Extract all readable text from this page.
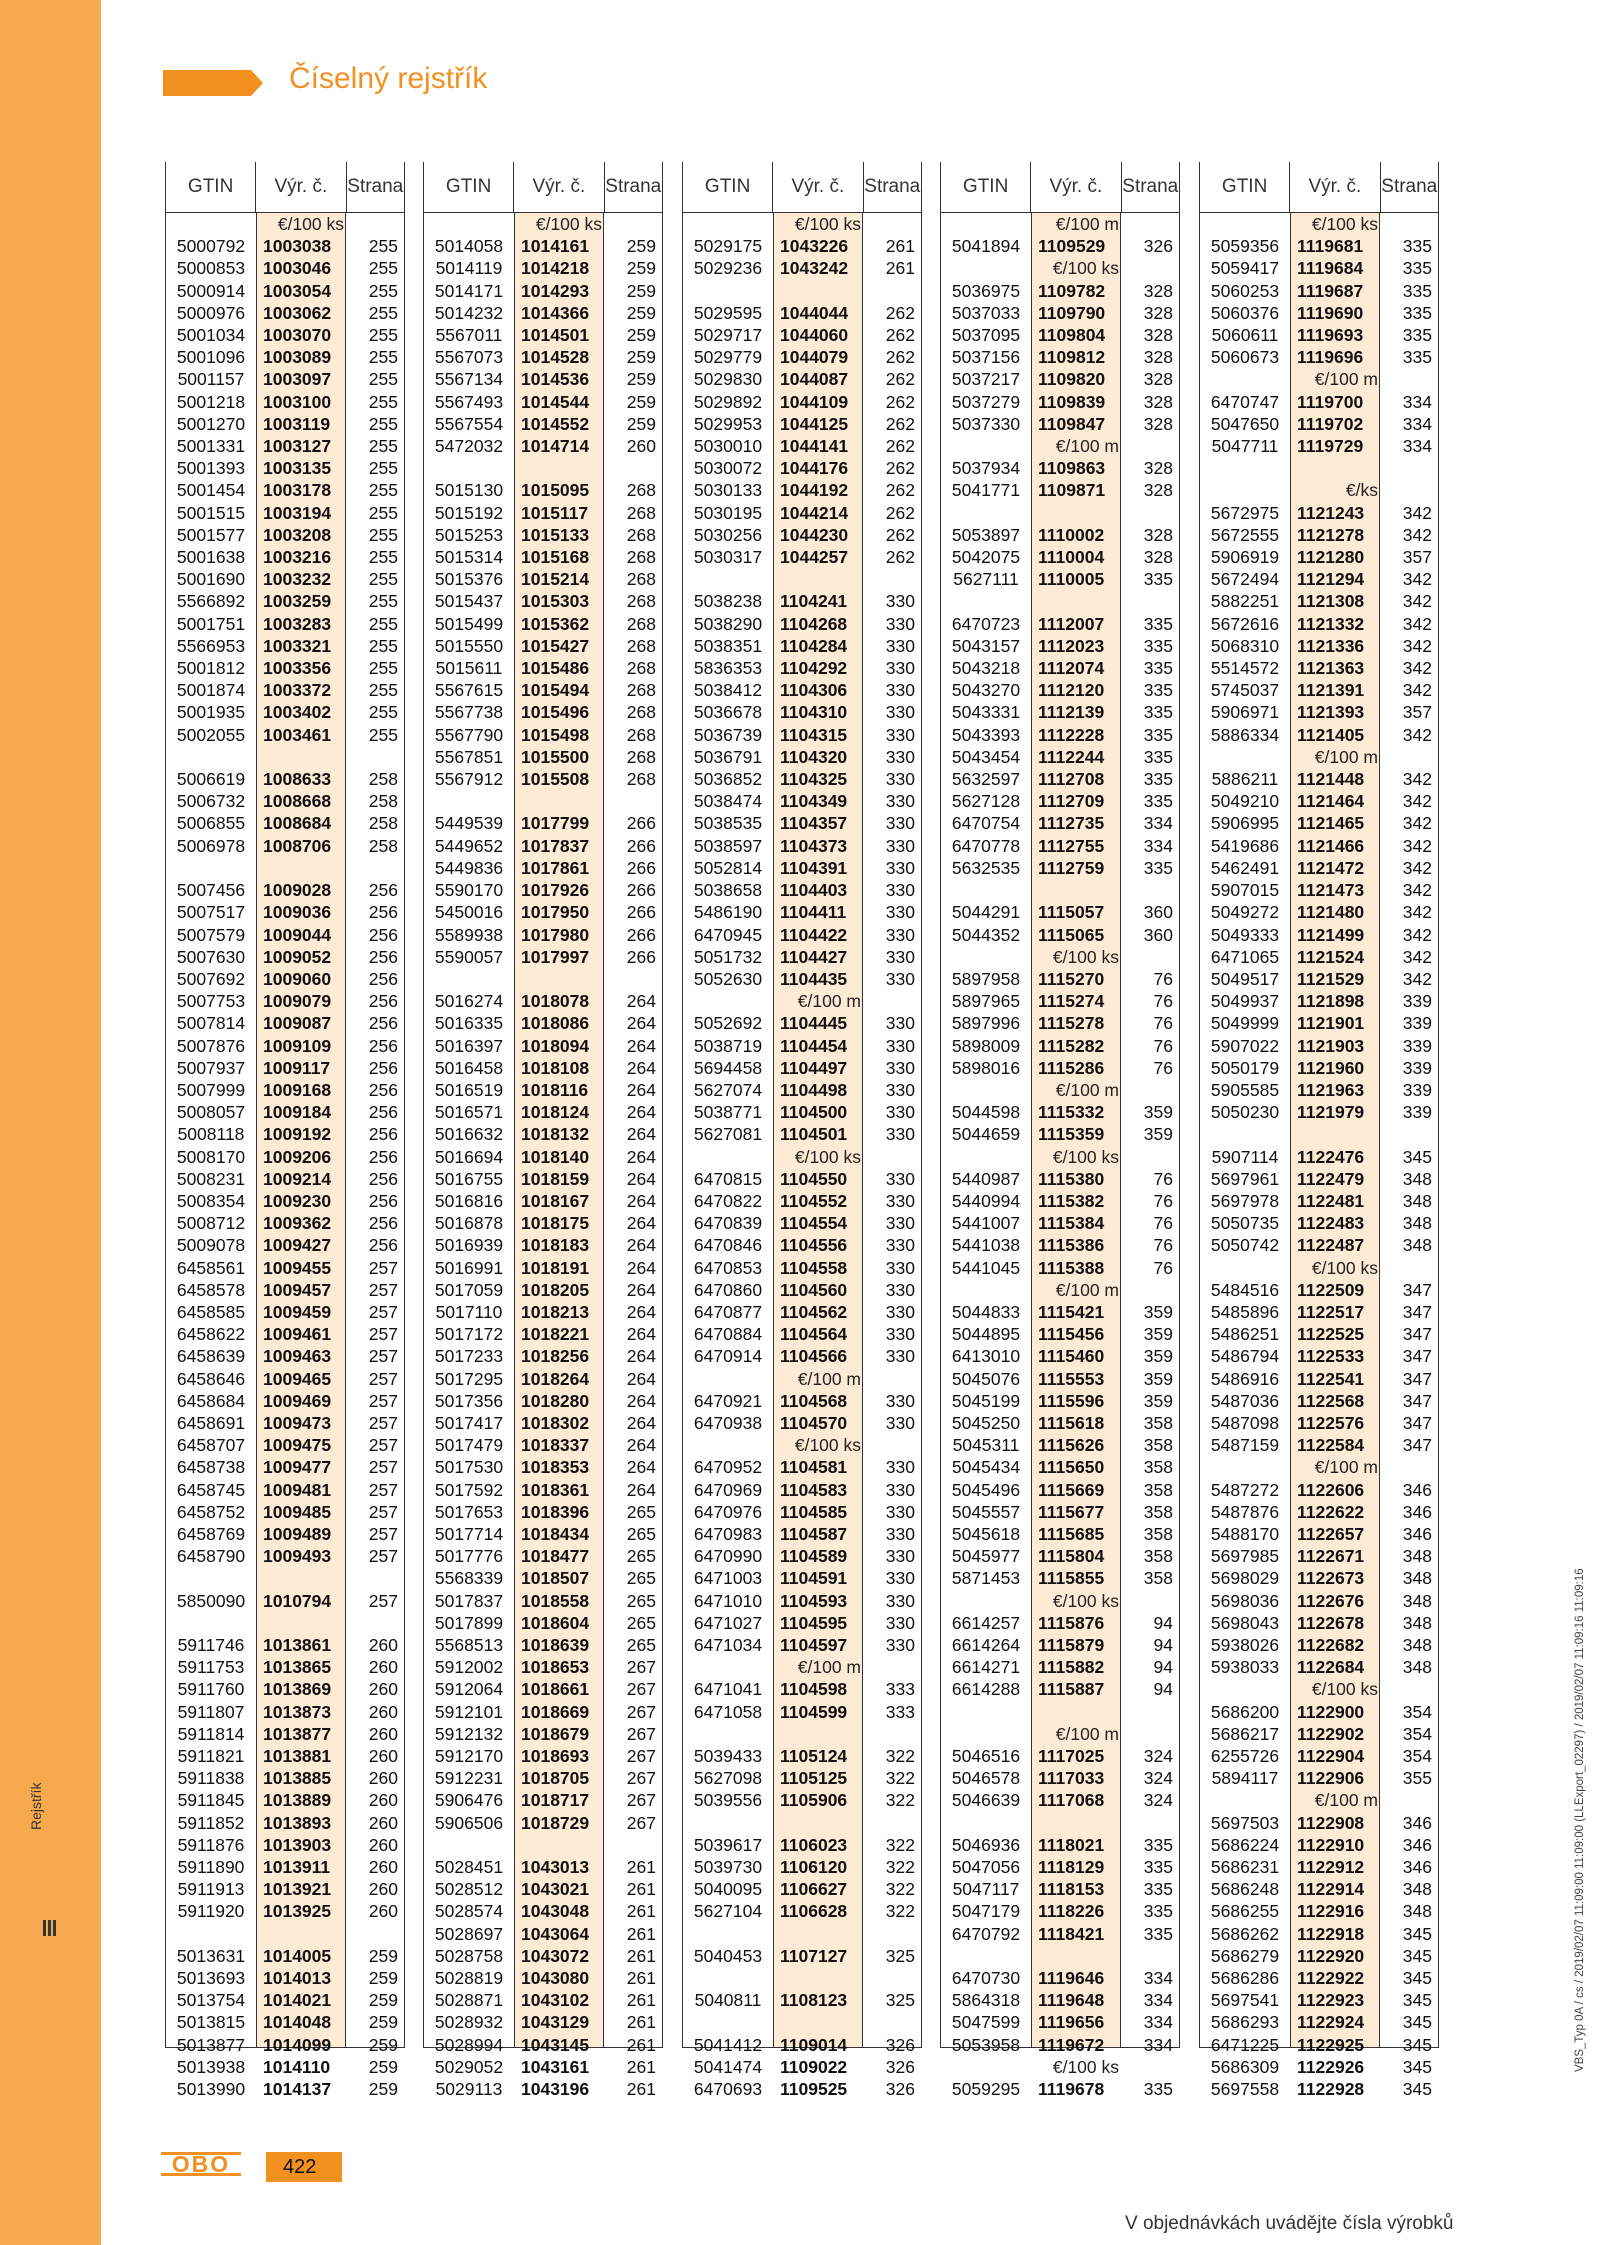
Číselný rejstřík
GTIN	Výr. č.	Strana
€/100 ks
5000792	1003038	255
5000853	1003046	255
5000914	1003054	255
5000976	1003062	255
5001034	1003070	255
5001096	1003089	255
5001157	1003097	255
5001218	1003100	255
5001270	1003119	255
5001331	1003127	255
5001393	1003135	255
5001454	1003178	255
5001515	1003194	255
5001577	1003208	255
5001638	1003216	255
5001690	1003232	255
5566892	1003259	255
5001751	1003283	255
5566953	1003321	255
5001812	1003356	255
5001874	1003372	255
5001935	1003402	255
5002055	1003461	255
5006619	1008633	258
5006732	1008668	258
5006855	1008684	258
5006978	1008706	258
5007456	1009028	256
5007517	1009036	256
5007579	1009044	256
5007630	1009052	256
5007692	1009060	256
5007753	1009079	256
5007814	1009087	256
5007876	1009109	256
5007937	1009117	256
5007999	1009168	256
5008057	1009184	256
5008118	1009192	256
5008170	1009206	256
5008231	1009214	256
5008354	1009230	256
5008712	1009362	256
5009078	1009427	256
6458561	1009455	257
6458578	1009457	257
6458585	1009459	257
6458622	1009461	257
6458639	1009463	257
6458646	1009465	257
6458684	1009469	257
6458691	1009473	257
6458707	1009475	257
6458738	1009477	257
6458745	1009481	257
6458752	1009485	257
6458769	1009489	257
6458790	1009493	257
5850090	1010794	257
5911746	1013861	260
5911753	1013865	260
5911760	1013869	260
5911807	1013873	260
5911814	1013877	260
5911821	1013881	260
5911838	1013885	260
5911845	1013889	260
5911852	1013893	260
5911876	1013903	260
5911890	1013911	260
5911913	1013921	260
5911920	1013925	260
5013631	1014005	259
5013693	1014013	259
5013754	1014021	259
5013815	1014048	259
5013877	1014099	259
5013938	1014110	259
5013990	1014137	259
GTIN	Výr. č.	Strana
€/100 ks
5014058	1014161	259
5014119	1014218	259
5014171	1014293	259
5014232	1014366	259
5567011	1014501	259
5567073	1014528	259
5567134	1014536	259
5567493	1014544	259
5567554	1014552	259
5472032	1014714	260
5015130	1015095	268
5015192	1015117	268
5015253	1015133	268
5015314	1015168	268
5015376	1015214	268
5015437	1015303	268
5015499	1015362	268
5015550	1015427	268
5015611	1015486	268
5567615	1015494	268
5567738	1015496	268
5567790	1015498	268
5567851	1015500	268
5567912	1015508	268
5449539	1017799	266
5449652	1017837	266
5449836	1017861	266
5590170	1017926	266
5450016	1017950	266
5589938	1017980	266
5590057	1017997	266
5016274	1018078	264
5016335	1018086	264
5016397	1018094	264
5016458	1018108	264
5016519	1018116	264
5016571	1018124	264
5016632	1018132	264
5016694	1018140	264
5016755	1018159	264
5016816	1018167	264
5016878	1018175	264
5016939	1018183	264
5016991	1018191	264
5017059	1018205	264
5017110	1018213	264
5017172	1018221	264
5017233	1018256	264
5017295	1018264	264
5017356	1018280	264
5017417	1018302	264
5017479	1018337	264
5017530	1018353	264
5017592	1018361	264
5017653	1018396	265
5017714	1018434	265
5017776	1018477	265
5568339	1018507	265
5017837	1018558	265
5017899	1018604	265
5568513	1018639	265
5912002	1018653	267
5912064	1018661	267
5912101	1018669	267
5912132	1018679	267
5912170	1018693	267
5912231	1018705	267
5906476	1018717	267
5906506	1018729	267
5028451	1043013	261
5028512	1043021	261
5028574	1043048	261
5028697	1043064	261
5028758	1043072	261
5028819	1043080	261
5028871	1043102	261
5028932	1043129	261
5028994	1043145	261
5029052	1043161	261
5029113	1043196	261
GTIN	Výr. č.	Strana
€/100 ks
5029175	1043226	261
5029236	1043242	261
5029595	1044044	262
5029717	1044060	262
5029779	1044079	262
5029830	1044087	262
5029892	1044109	262
5029953	1044125	262
5030010	1044141	262
5030072	1044176	262
5030133	1044192	262
5030195	1044214	262
5030256	1044230	262
5030317	1044257	262
5038238	1104241	330
5038290	1104268	330
5038351	1104284	330
5836353	1104292	330
5038412	1104306	330
5036678	1104310	330
5036739	1104315	330
5036791	1104320	330
5036852	1104325	330
5038474	1104349	330
5038535	1104357	330
5038597	1104373	330
5052814	1104391	330
5038658	1104403	330
5486190	1104411	330
6470945	1104422	330
5051732	1104427	330
5052630	1104435	330
€/100 m
5052692	1104445	330
5038719	1104454	330
5694458	1104497	330
5627074	1104498	330
5038771	1104500	330
5627081	1104501	330
€/100 ks
6470815	1104550	330
6470822	1104552	330
6470839	1104554	330
6470846	1104556	330
6470853	1104558	330
6470860	1104560	330
6470877	1104562	330
6470884	1104564	330
6470914	1104566	330
€/100 m
6470921	1104568	330
6470938	1104570	330
€/100 ks
6470952	1104581	330
6470969	1104583	330
6470976	1104585	330
6470983	1104587	330
6470990	1104589	330
6471003	1104591	330
6471010	1104593	330
6471027	1104595	330
6471034	1104597	330
€/100 m
6471041	1104598	333
6471058	1104599	333
5039433	1105124	322
5627098	1105125	322
5039556	1105906	322
5039617	1106023	322
5039730	1106120	322
5040095	1106627	322
5627104	1106628	322
5040453	1107127	325
5040811	1108123	325
5041412	1109014	326
5041474	1109022	326
6470693	1109525	326
GTIN	Výr. č.	Strana
€/100 m
5041894	1109529	326
€/100 ks
5036975	1109782	328
5037033	1109790	328
5037095	1109804	328
5037156	1109812	328
5037217	1109820	328
5037279	1109839	328
5037330	1109847	328
€/100 m
5037934	1109863	328
5041771	1109871	328
5053897	1110002	328
5042075	1110004	328
5627111	1110005	335
6470723	1112007	335
5043157	1112023	335
5043218	1112074	335
5043270	1112120	335
5043331	1112139	335
5043393	1112228	335
5043454	1112244	335
5632597	1112708	335
5627128	1112709	335
6470754	1112735	334
6470778	1112755	334
5632535	1112759	335
5044291	1115057	360
5044352	1115065	360
€/100 ks
5897958	1115270	76
5897965	1115274	76
5897996	1115278	76
5898009	1115282	76
5898016	1115286	76
€/100 m
5044598	1115332	359
5044659	1115359	359
€/100 ks
5440987	1115380	76
5440994	1115382	76
5441007	1115384	76
5441038	1115386	76
5441045	1115388	76
€/100 m
5044833	1115421	359
5044895	1115456	359
6413010	1115460	359
5045076	1115553	359
5045199	1115596	359
5045250	1115618	358
5045311	1115626	358
5045434	1115650	358
5045496	1115669	358
5045557	1115677	358
5045618	1115685	358
5045977	1115804	358
5871453	1115855	358
€/100 ks
6614257	1115876	94
6614264	1115879	94
6614271	1115882	94
6614288	1115887	94
€/100 m
5046516	1117025	324
5046578	1117033	324
5046639	1117068	324
5046936	1118021	335
5047056	1118129	335
5047117	1118153	335
5047179	1118226	335
6470792	1118421	335
6470730	1119646	334
5864318	1119648	334
5047599	1119656	334
5053958	1119672	334
€/100 ks
5059295	1119678	335
GTIN	Výr. č.	Strana
€/100 ks
5059356	1119681	335
5059417	1119684	335
5060253	1119687	335
5060376	1119690	335
5060611	1119693	335
5060673	1119696	335
€/100 m
6470747	1119700	334
5047650	1119702	334
5047711	1119729	334
€/ks
5672975	1121243	342
5672555	1121278	342
5906919	1121280	357
5672494	1121294	342
5882251	1121308	342
5672616	1121332	342
5068310	1121336	342
5514572	1121363	342
5745037	1121391	342
5906971	1121393	357
5886334	1121405	342
€/100 m
5886211	1121448	342
5049210	1121464	342
5906995	1121465	342
5419686	1121466	342
5462491	1121472	342
5907015	1121473	342
5049272	1121480	342
5049333	1121499	342
6471065	1121524	342
5049517	1121529	342
5049937	1121898	339
5049999	1121901	339
5907022	1121903	339
5050179	1121960	339
5905585	1121963	339
5050230	1121979	339
5907114	1122476	345
5697961	1122479	348
5697978	1122481	348
5050735	1122483	348
5050742	1122487	348
€/100 ks
5484516	1122509	347
5485896	1122517	347
5486251	1122525	347
5486794	1122533	347
5486916	1122541	347
5487036	1122568	347
5487098	1122576	347
5487159	1122584	347
€/100 m
5487272	1122606	346
5487876	1122622	346
5488170	1122657	346
5697985	1122671	348
5698029	1122673	348
5698036	1122676	348
5698043	1122678	348
5938026	1122682	348
5938033	1122684	348
€/100 ks
5686200	1122900	354
5686217	1122902	354
6255726	1122904	354
5894117	1122906	355
€/100 m
5697503	1122908	346
5686224	1122910	346
5686231	1122912	346
5686248	1122914	348
5686255	1122916	348
5686262	1122918	345
5686279	1122920	345
5686286	1122922	345
5697541	1122923	345
5686293	1122924	345
6471225	1122925	345
5686309	1122926	345
5697558	1122928	345
Rejstřík	VBS_Typ 0A / cs / 2019/02/07 11:09:00 11:09:00 (LLExport_02297) / 2019/02/07 11:09:16 11:09:16
OBO	422
V objednávkách uvádějte čísla výrobků
